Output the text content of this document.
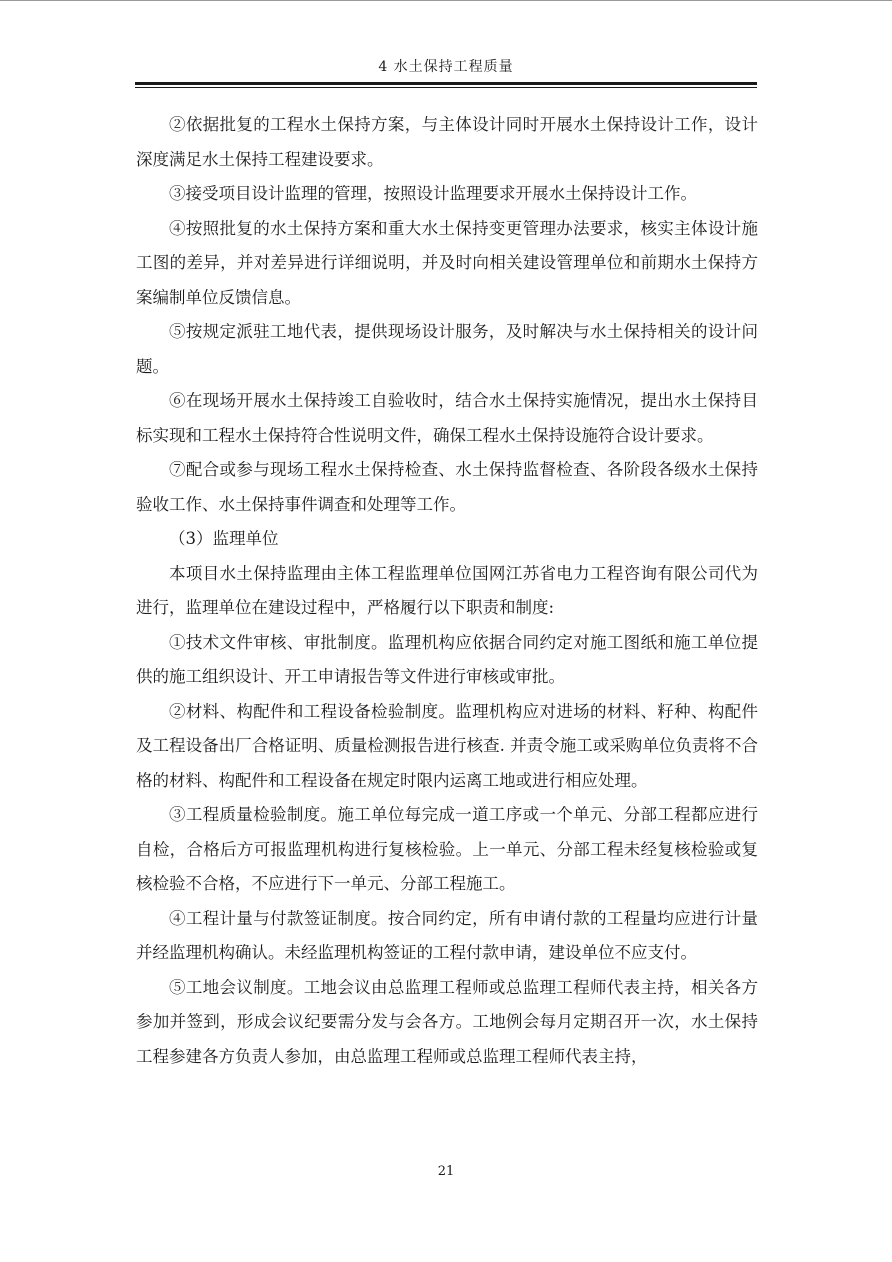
4 水土保持工程质量

②依据批复的工程水土保持方案，与主体设计同时开展水土保持设计工作，设计深度满足水土保持工程建设要求。

③接受项目设计监理的管理，按照设计监理要求开展水土保持设计工作。

④按照批复的水土保持方案和重大水土保持变更管理办法要求，核实主体设计施工图的差异，并对差异进行详细说明，并及时向相关建设管理单位和前期水土保持方案编制单位反馈信息。

⑤按规定派驻工地代表，提供现场设计服务，及时解决与水土保持相关的设计问题。

⑥在现场开展水土保持竣工自验收时，结合水土保持实施情况，提出水土保持目标实现和工程水土保持符合性说明文件，确保工程水土保持设施符合设计要求。

⑦配合或参与现场工程水土保持检查、水土保持监督检查、各阶段各级水土保持验收工作、水土保持事件调查和处理等工作。

（3）监理单位

本项目水土保持监理由主体工程监理单位国网江苏省电力工程咨询有限公司代为进行，监理单位在建设过程中，严格履行以下职责和制度:

①技术文件审核、审批制度。监理机构应依据合同约定对施工图纸和施工单位提供的施工组织设计、开工申请报告等文件进行审核或审批。

②材料、构配件和工程设备检验制度。监理机构应对进场的材料、籽种、构配件及工程设备出厂合格证明、质量检测报告进行核查. 并责令施工或采购单位负责将不合格的材料、构配件和工程设备在规定时限内运离工地或进行相应处理。

③工程质量检验制度。施工单位每完成一道工序或一个单元、分部工程都应进行自检，合格后方可报监理机构进行复核检验。上一单元、分部工程未经复核检验或复核检验不合格，不应进行下一单元、分部工程施工。

④工程计量与付款签证制度。按合同约定，所有申请付款的工程量均应进行计量并经监理机构确认。未经监理机构签证的工程付款申请，建设单位不应支付。

⑤工地会议制度。工地会议由总监理工程师或总监理工程师代表主持，相关各方参加并签到，形成会议纪要需分发与会各方。工地例会每月定期召开一次，水土保持工程参建各方负责人参加，由总监理工程师或总监理工程师代表主持，

21
